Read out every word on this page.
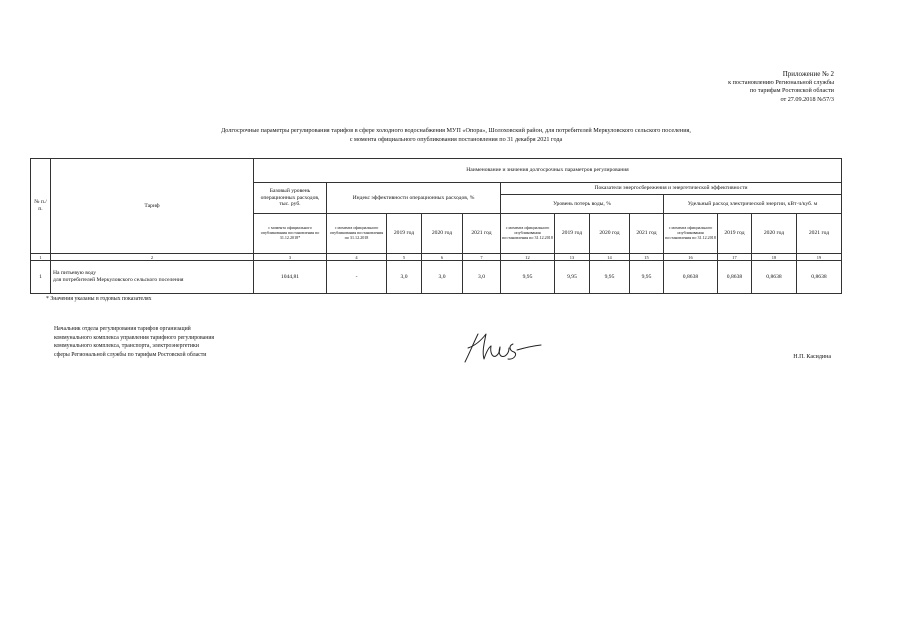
Приложение № 2
к постановлению Региональной службы
по тарифам Ростовской области
от 27.09.2018 №57/3
Долгосрочные параметры регулирования тарифов в сфере холодного водоснабжения МУП «Опора», Шолоховский район, для потребителей Меркуловского сельского поселения,
с момента официального опубликования постановления по 31 декабря 2021 года
№ п./п.	Тариф	Наименование и значения долгосрочных параметров регулирования												
		Базовый уровень операционных расходов, тыс. руб.	Индекс эффективности операционных расходов, %				Показатели энергосбережения и энергетической эффективности							
							Уровень потерь воды, %				Удельный расход электрической энергии, кВт·ч/куб. м			
		с момента официального опубликования постановления по 31.12.2018*	с момента официального опубликования постановления по 31.12.2018	2019 год	2020 год	2021 год	с момента официального опубликования постановления по 31.12.2018	2019 год	2020 год	2021 год	с момента официального опубликования постановления по 31.12.2018	2019 год	2020 год	2021 год
1	2	3	4	5	6	7	12	13	14	15	16	17	18	19
1	На питьевую воду
для потребителей Меркуловского сельского поселения	1044,81	-	3,0	3,0	3,0	9,95	9,95	9,95	9,95	0,8638	0,8638	0,8638	0,8638
* Значения указаны в годовых показателях
Начальник отдела регулирования тарифов организаций
коммунального комплекса управления тарифного регулирования
коммунального комплекса, транспорта, электроэнергетики
сферы Региональной службы по тарифам Ростовской области	Н.П. Касидина
